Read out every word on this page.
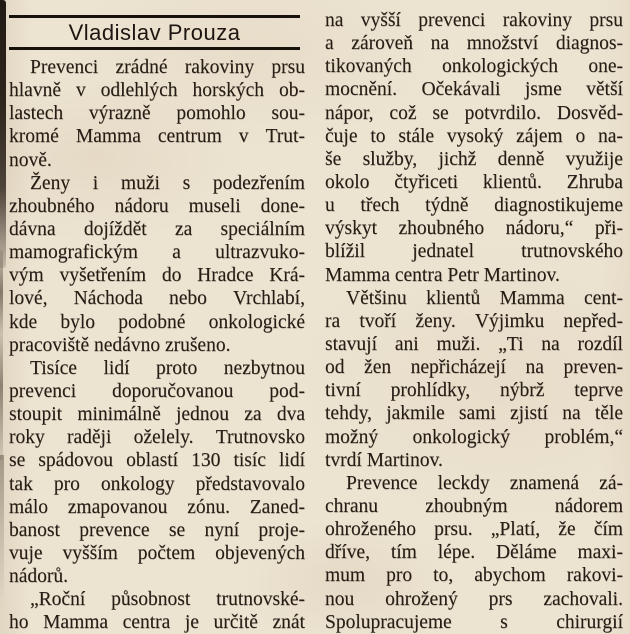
Vladislav Prouza
Prevenci zrádné rakoviny prsu
hlavně v odlehlých horských ob-
lastech výrazně pomohlo sou-
kromé Mamma centrum v Trut-
nově.
Ženy i muži s podezřením
zhoubného nádoru museli done-
dávna dojíždět za speciálním
mamografickým a ultrazvuko-
vým vyšetřením do Hradce Krá-
lové, Náchoda nebo Vrchlabí,
kde bylo podobné onkologické
pracoviště nedávno zrušeno.
Tisíce lidí proto nezbytnou
prevenci doporučovanou pod-
stoupit minimálně jednou za dva
roky raději oželely. Trutnovsko
se spádovou oblastí 130 tisíc lidí
tak pro onkology představovalo
málo zmapovanou zónu. Zaned-
banost prevence se nyní proje-
vuje vyšším počtem objevených
nádorů.
„Roční působnost trutnovské-
ho Mamma centra je určitě znát
na vyšší prevenci rakoviny prsu
a zároveň na množství diagnos-
tikovaných onkologických one-
mocnění. Očekávali jsme větší
nápor, což se potvrdilo. Dosvěd-
čuje to stále vysoký zájem o na-
še služby, jichž denně využije
okolo čtyřiceti klientů. Zhruba
u třech týdně diagnostikujeme
výskyt zhoubného nádoru,“ při-
blížil jednatel trutnovského
Mamma centra Petr Martinov.
Většinu klientů Mamma cent-
ra tvoří ženy. Výjimku nepřed-
stavují ani muži. „Ti na rozdíl
od žen nepřicházejí na preven-
tivní prohlídky, nýbrž teprve
tehdy, jakmile sami zjistí na těle
možný onkologický problém,“
tvrdí Martinov.
Prevence leckdy znamená zá-
chranu zhoubným nádorem
ohroženého prsu. „Platí, že čím
dříve, tím lépe. Děláme maxi-
mum pro to, abychom rakovi-
nou ohrožený prs zachovali.
Spolupracujeme s chirurgií
